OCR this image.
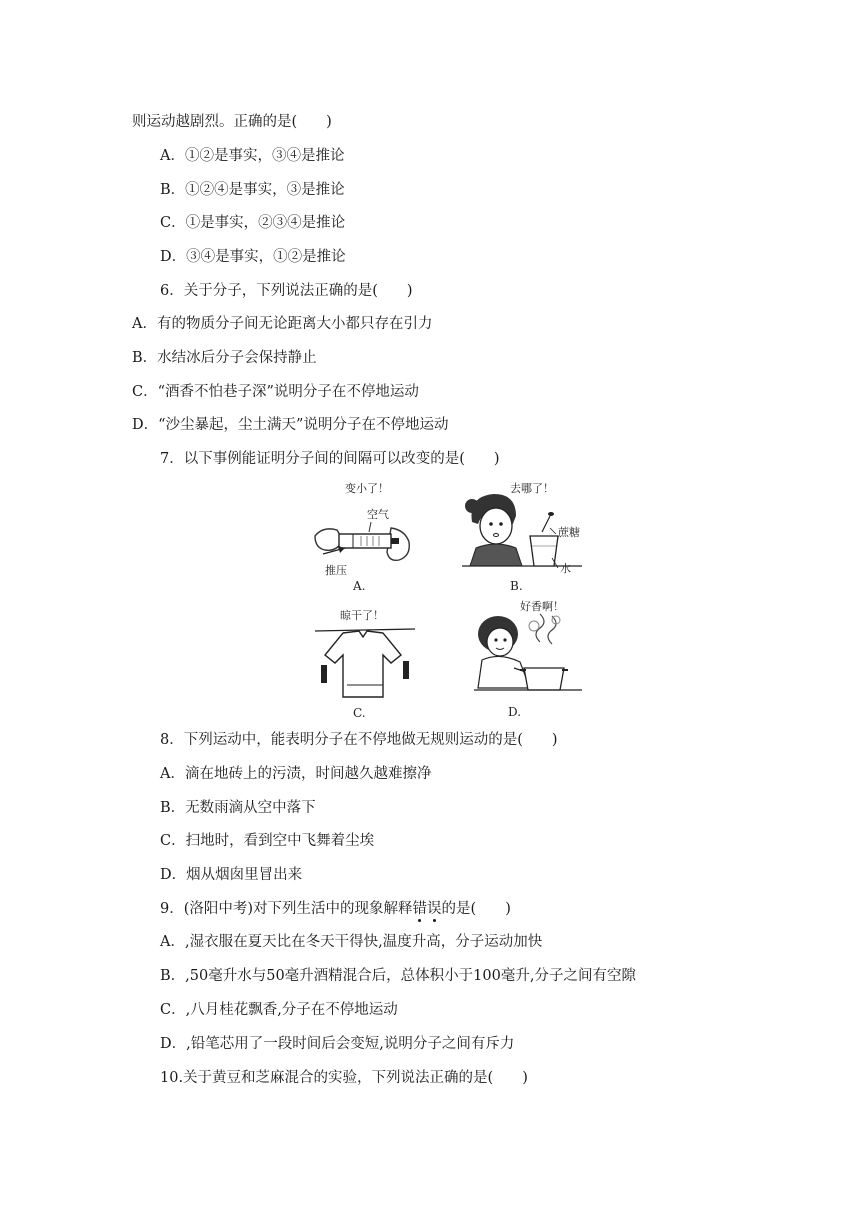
则运动越剧烈。正确的是(　　)
A．①②是事实，③④是推论
B．①②④是事实，③是推论
C．①是事实，②③④是推论
D．③④是事实，①②是推论
6．关于分子，下列说法正确的是(　　)
A．有的物质分子间无论距离大小都只存在引力
B．水结冰后分子会保持静止
C．“酒香不怕巷子深”说明分子在不停地运动
D．“沙尘暴起，尘土满天”说明分子在不停地运动
7．以下事例能证明分子间的间隔可以改变的是(　　)
变小了！
空气
推压
A.
去哪了！
蔗糖
水
B.
晾干了！
C.
好香啊！
D.
8．下列运动中，能表明分子在不停地做无规则运动的是(　　)
A．滴在地砖上的污渍，时间越久越难擦净
B．无数雨滴从空中落下
C．扫地时，看到空中飞舞着尘埃
D．烟从烟囱里冒出来
9．(洛阳中考)对下列生活中的现象解释错误的是(　　)
A．,湿衣服在夏天比在冬天干得快,温度升高，分子运动加快
B．,50毫升水与50毫升酒精混合后，总体积小于100毫升,分子之间有空隙
C．,八月桂花飘香,分子在不停地运动
D．,铅笔芯用了一段时间后会变短,说明分子之间有斥力
10.关于黄豆和芝麻混合的实验，下列说法正确的是(　　)
